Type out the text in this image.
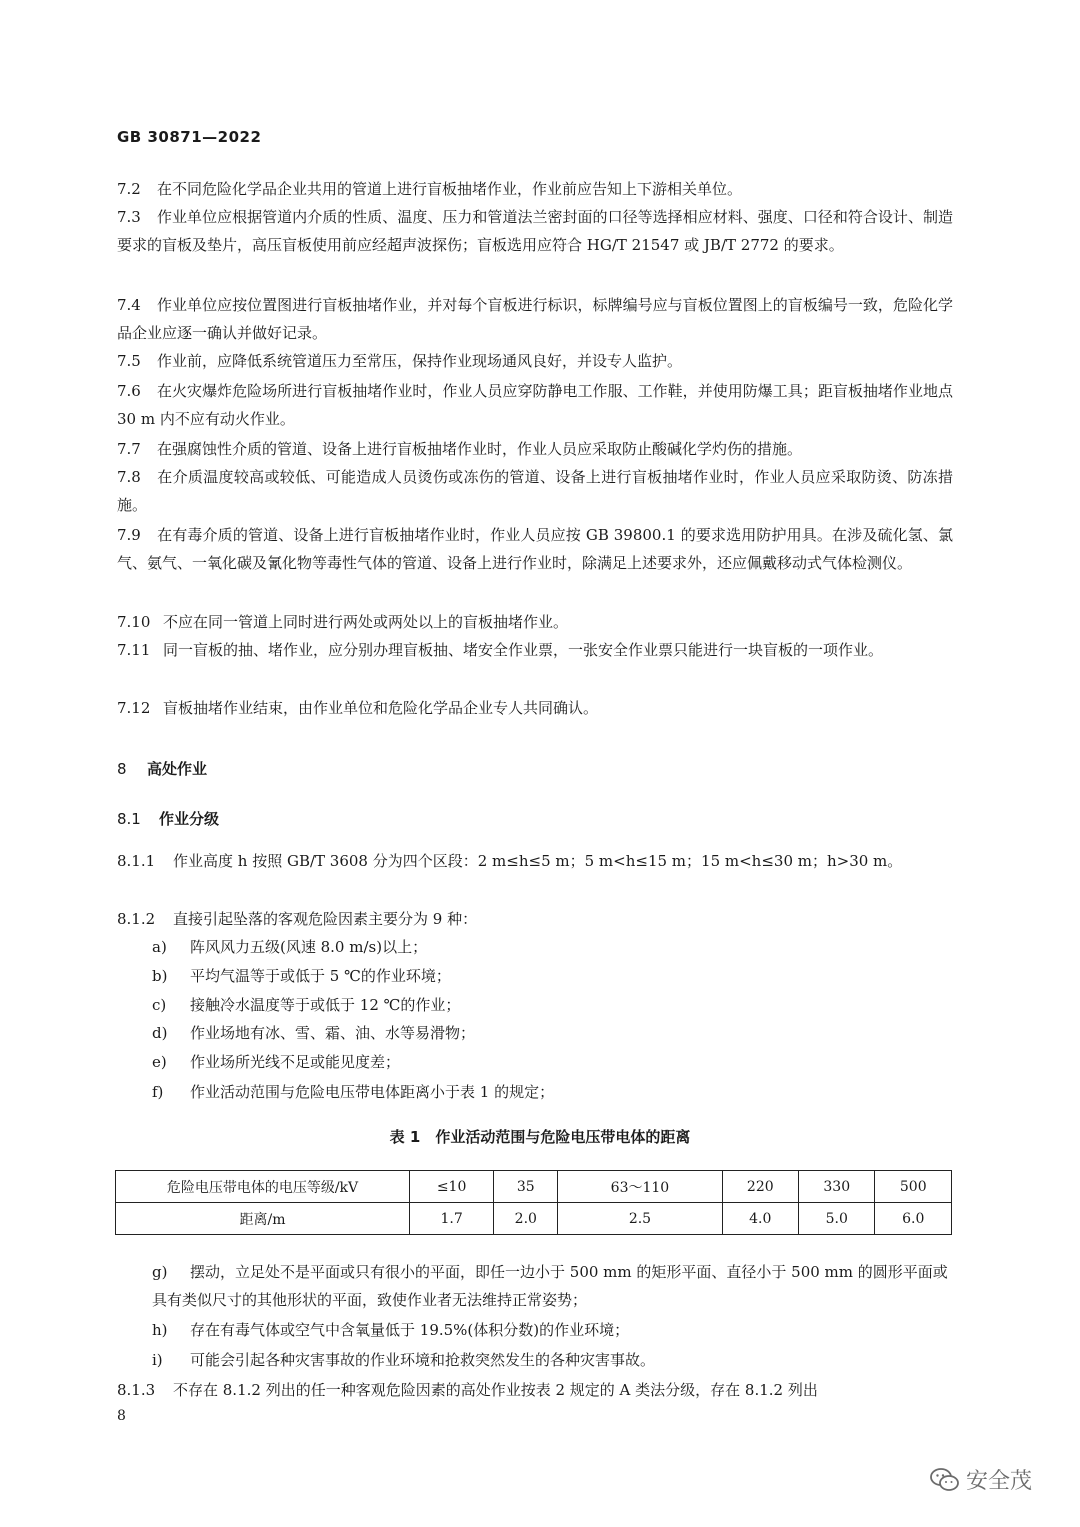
GB 30871—2022
7.2 在不同危险化学品企业共用的管道上进行盲板抽堵作业，作业前应告知上下游相关单位。
7.3 作业单位应根据管道内介质的性质、温度、压力和管道法兰密封面的口径等选择相应材料、强度、口径和符合设计、制造要求的盲板及垫片，高压盲板使用前应经超声波探伤；盲板选用应符合 HG/T 21547 或 JB/T 2772 的要求。
7.4 作业单位应按位置图进行盲板抽堵作业，并对每个盲板进行标识，标牌编号应与盲板位置图上的盲板编号一致，危险化学品企业应逐一确认并做好记录。
7.5 作业前，应降低系统管道压力至常压，保持作业现场通风良好，并设专人监护。
7.6 在火灾爆炸危险场所进行盲板抽堵作业时，作业人员应穿防静电工作服、工作鞋，并使用防爆工具；距盲板抽堵作业地点 30 m 内不应有动火作业。
7.7 在强腐蚀性介质的管道、设备上进行盲板抽堵作业时，作业人员应采取防止酸碱化学灼伤的措施。
7.8 在介质温度较高或较低、可能造成人员烫伤或冻伤的管道、设备上进行盲板抽堵作业时，作业人员应采取防烫、防冻措施。
7.9 在有毒介质的管道、设备上进行盲板抽堵作业时，作业人员应按 GB 39800.1 的要求选用防护用具。在涉及硫化氢、氯气、氨气、一氧化碳及氰化物等毒性气体的管道、设备上进行作业时，除满足上述要求外，还应佩戴移动式气体检测仪。
7.10 不应在同一管道上同时进行两处或两处以上的盲板抽堵作业。
7.11 同一盲板的抽、堵作业，应分别办理盲板抽、堵安全作业票，一张安全作业票只能进行一块盲板的一项作业。
7.12 盲板抽堵作业结束，由作业单位和危险化学品企业专人共同确认。
8 高处作业
8.1 作业分级
8.1.1 作业高度 h 按照 GB/T 3608 分为四个区段：2 m≤h≤5 m；5 m<h≤15 m；15 m<h≤30 m；h>30 m。
8.1.2 直接引起坠落的客观危险因素主要分为 9 种：
a) 阵风风力五级(风速 8.0 m/s)以上；
b) 平均气温等于或低于 5 ℃的作业环境；
c) 接触冷水温度等于或低于 12 ℃的作业；
d) 作业场地有冰、雪、霜、油、水等易滑物；
e) 作业场所光线不足或能见度差；
f) 作业活动范围与危险电压带电体距离小于表 1 的规定；
表 1　作业活动范围与危险电压带电体的距离
危险电压带电体的电压等级/kV	≤10	35	63～110	220	330	500
距离/m	1.7	2.0	2.5	4.0	5.0	6.0
g) 摆动，立足处不是平面或只有很小的平面，即任一边小于 500 mm 的矩形平面、直径小于 500 mm 的圆形平面或具有类似尺寸的其他形状的平面，致使作业者无法维持正常姿势；
h) 存在有毒气体或空气中含氧量低于 19.5%(体积分数)的作业环境；
i) 可能会引起各种灾害事故的作业环境和抢救突然发生的各种灾害事故。
8.1.3 不存在 8.1.2 列出的任一种客观危险因素的高处作业按表 2 规定的 A 类法分级，存在 8.1.2 列出
8
安全茂
